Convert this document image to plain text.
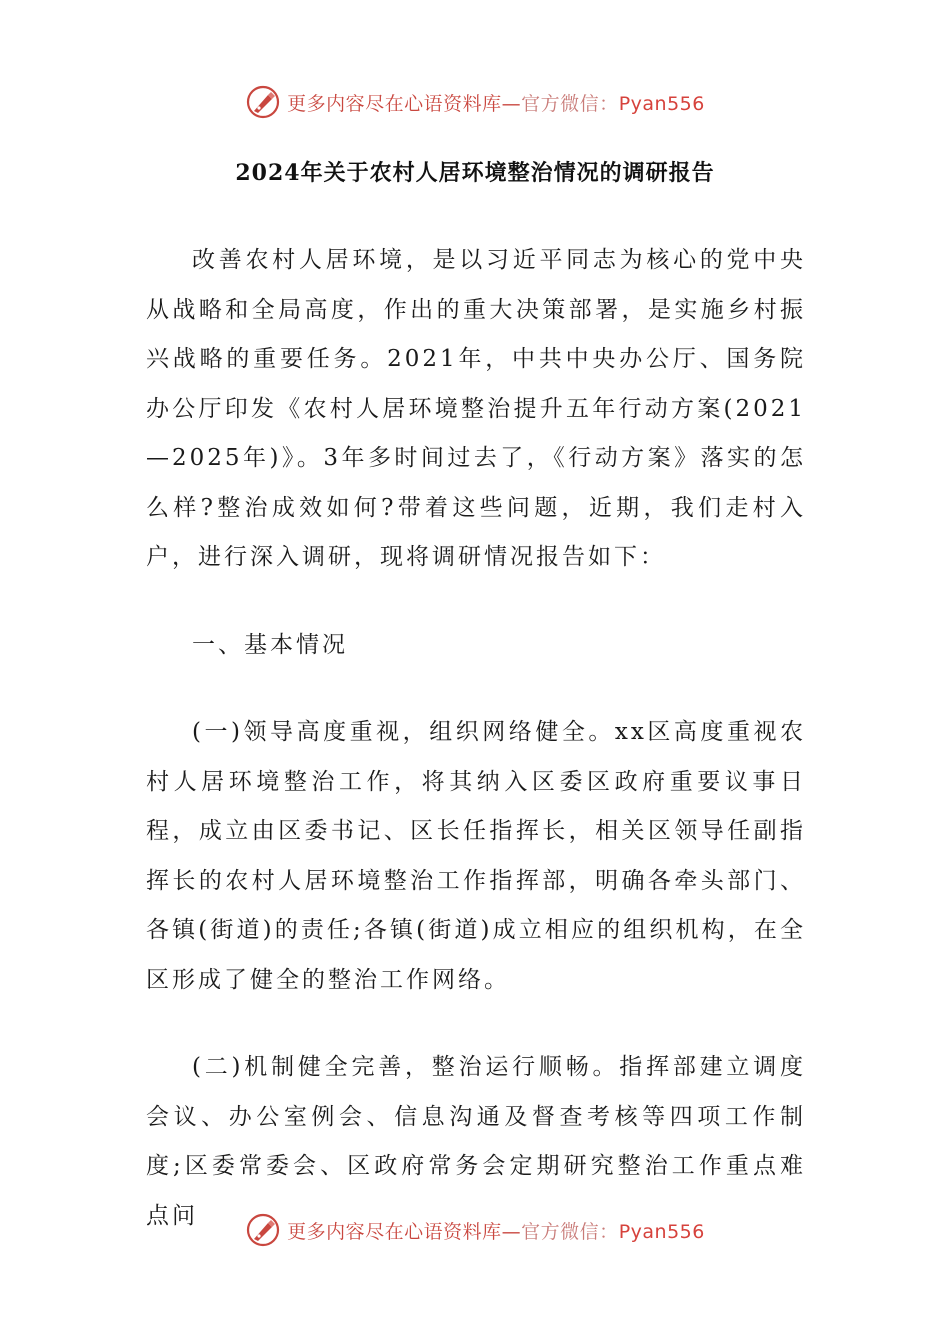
更多内容尽在心语资料库—官方微信：Pyan556
2024年关于农村人居环境整治情况的调研报告

改善农村人居环境，是以习近平同志为核心的党中央从战略和全局高度，作出的重大决策部署，是实施乡村振兴战略的重要任务。2021年，中共中央办公厅、国务院办公厅印发《农村人居环境整治提升五年行动方案(2021—2025年)》。3年多时间过去了，《行动方案》落实的怎么样?整治成效如何?带着这些问题，近期，我们走村入户，进行深入调研，现将调研情况报告如下：

一、基本情况

(一)领导高度重视，组织网络健全。xx区高度重视农村人居环境整治工作，将其纳入区委区政府重要议事日程，成立由区委书记、区长任指挥长，相关区领导任副指挥长的农村人居环境整治工作指挥部，明确各牵头部门、各镇(街道)的责任;各镇(街道)成立相应的组织机构，在全区形成了健全的整治工作网络。

(二)机制健全完善，整治运行顺畅。指挥部建立调度会议、办公室例会、信息沟通及督查考核等四项工作制度;区委常委会、区政府常务会定期研究整治工作重点难点问

更多内容尽在心语资料库—官方微信：Pyan556
